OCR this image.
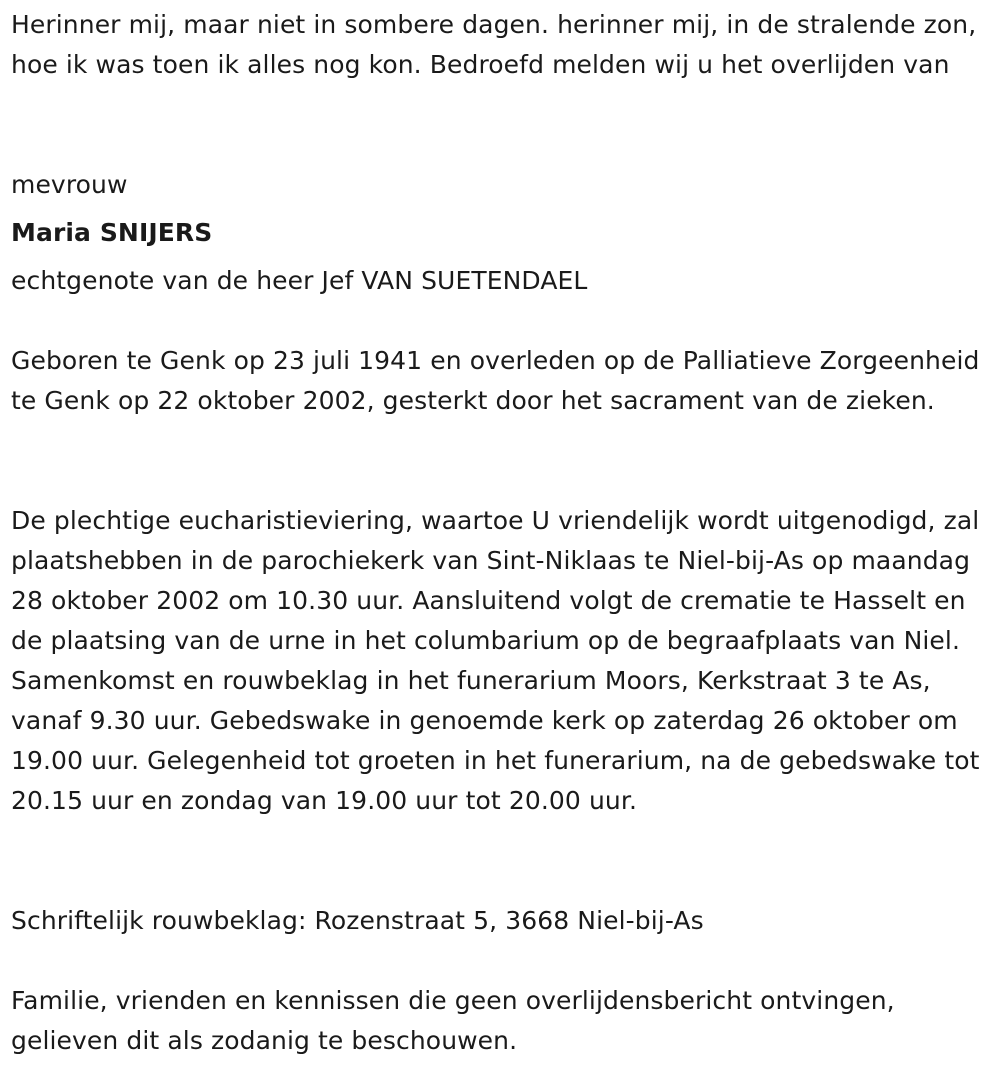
Herinner mij, maar niet in sombere dagen. herinner mij, in de stralende zon, hoe ik was toen ik alles nog kon. Bedroefd melden wij u het overlijden van

mevrouw

Maria SNIJERS

echtgenote van de heer Jef VAN SUETENDAEL

Geboren te Genk op 23 juli 1941 en overleden op de Palliatieve Zorgeenheid te Genk op 22 oktober 2002, gesterkt door het sacrament van de zieken.

De plechtige eucharistieviering, waartoe U vriendelijk wordt uitgenodigd, zal plaatshebben in de parochiekerk van Sint-Niklaas te Niel-bij-As op maandag 28 oktober 2002 om 10.30 uur. Aansluitend volgt de crematie te Hasselt en de plaatsing van de urne in het columbarium op de begraafplaats van Niel. Samenkomst en rouwbeklag in het funerarium Moors, Kerkstraat 3 te As, vanaf 9.30 uur. Gebedswake in genoemde kerk op zaterdag 26 oktober om 19.00 uur. Gelegenheid tot groeten in het funerarium, na de gebedswake tot 20.15 uur en zondag van 19.00 uur tot 20.00 uur.

Schriftelijk rouwbeklag: Rozenstraat 5, 3668 Niel-bij-As

Familie, vrienden en kennissen die geen overlijdensbericht ontvingen, gelieven dit als zodanig te beschouwen.
